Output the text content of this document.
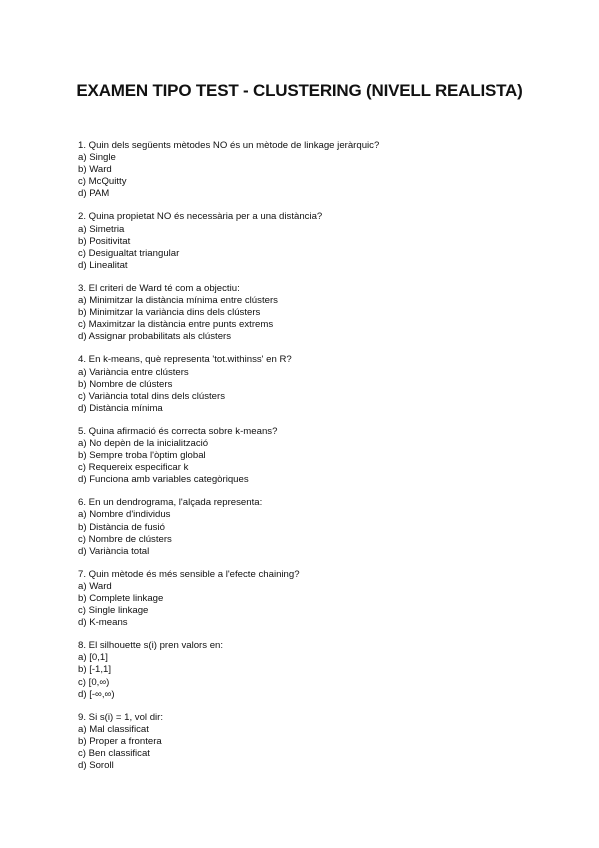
EXAMEN TIPO TEST - CLUSTERING (NIVELL REALISTA)
1. Quin dels següents mètodes NO és un mètode de linkage jeràrquic?
a) Single
b) Ward
c) McQuitty
d) PAM
2. Quina propietat NO és necessària per a una distància?
a) Simetria
b) Positivitat
c) Desigualtat triangular
d) Linealitat
3. El criteri de Ward té com a objectiu:
a) Minimitzar la distància mínima entre clústers
b) Minimitzar la variància dins dels clústers
c) Maximitzar la distància entre punts extrems
d) Assignar probabilitats als clústers
4. En k-means, què representa 'tot.withinss' en R?
a) Variància entre clústers
b) Nombre de clústers
c) Variància total dins dels clústers
d) Distància mínima
5. Quina afirmació és correcta sobre k-means?
a) No depèn de la inicialització
b) Sempre troba l'òptim global
c) Requereix especificar k
d) Funciona amb variables categòriques
6. En un dendrograma, l'alçada representa:
a) Nombre d'individus
b) Distància de fusió
c) Nombre de clústers
d) Variància total
7. Quin mètode és més sensible a l'efecte chaining?
a) Ward
b) Complete linkage
c) Single linkage
d) K-means
8. El silhouette s(i) pren valors en:
a) [0,1]
b) [-1,1]
c) [0,∞)
d) [-∞,∞)
9. Si s(i) = 1, vol dir:
a) Mal classificat
b) Proper a frontera
c) Ben classificat
d) Soroll
